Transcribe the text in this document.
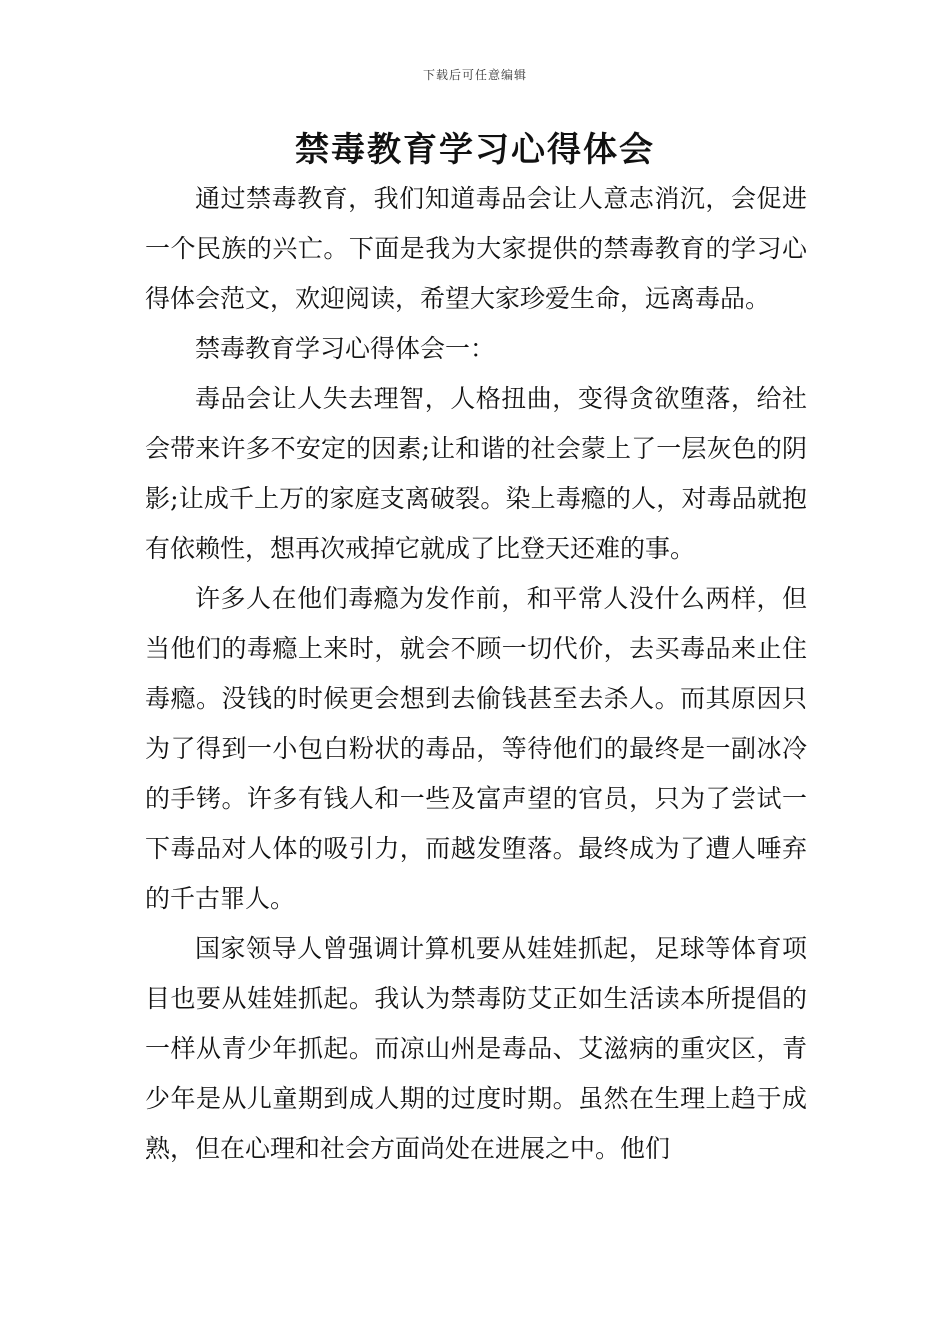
下载后可任意编辑
禁毒教育学习心得体会

通过禁毒教育，我们知道毒品会让人意志消沉，会促进一个民族的兴亡。下面是我为大家提供的禁毒教育的学习心得体会范文，欢迎阅读，希望大家珍爱生命，远离毒品。

禁毒教育学习心得体会一：

毒品会让人失去理智，人格扭曲，变得贪欲堕落，给社会带来许多不安定的因素;让和谐的社会蒙上了一层灰色的阴影;让成千上万的家庭支离破裂。染上毒瘾的人，对毒品就抱有依赖性，想再次戒掉它就成了比登天还难的事。

许多人在他们毒瘾为发作前，和平常人没什么两样，但当他们的毒瘾上来时，就会不顾一切代价，去买毒品来止住毒瘾。没钱的时候更会想到去偷钱甚至去杀人。而其原因只为了得到一小包白粉状的毒品，等待他们的最终是一副冰冷的手铐。许多有钱人和一些及富声望的官员，只为了尝试一下毒品对人体的吸引力，而越发堕落。最终成为了遭人唾弃的千古罪人。

国家领导人曾强调计算机要从娃娃抓起，足球等体育项目也要从娃娃抓起。我认为禁毒防艾正如生活读本所提倡的一样从青少年抓起。而凉山州是毒品、艾滋病的重灾区，青少年是从儿童期到成人期的过度时期。虽然在生理上趋于成熟，但在心理和社会方面尚处在进展之中。他们
